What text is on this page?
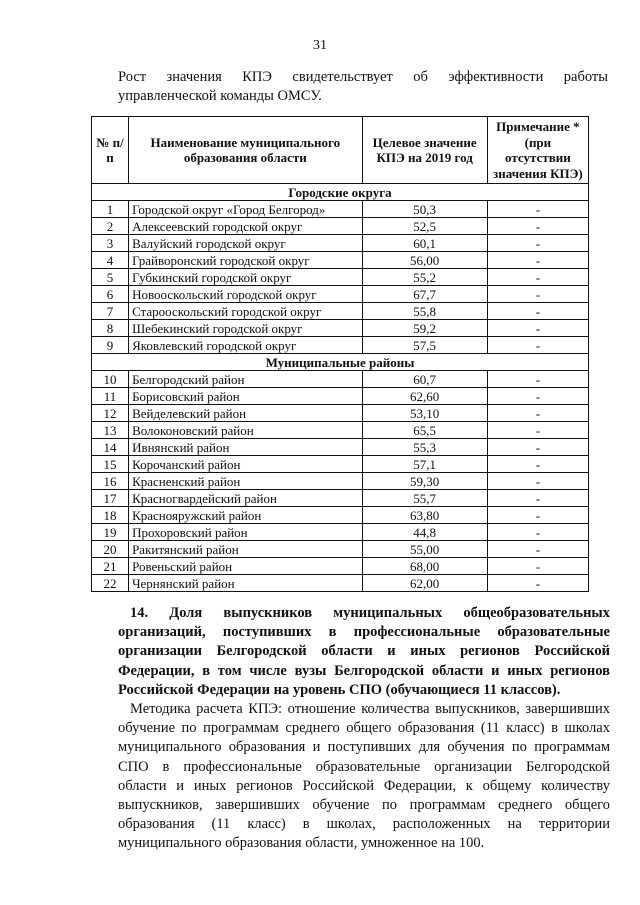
31
Рост значения КПЭ свидетельствует об эффективности работы
управленческой команды ОМСУ.
№ п/п	Наименование муниципального образования области	Целевое значение КПЭ на 2019 год	Примечание * (при отсутствии значения КПЭ)
Городские округа			
1	Городской округ «Город Белгород»	50,3	-
2	Алексеевский городской округ	52,5	-
3	Валуйский городской округ	60,1	-
4	Грайворонский городской округ	56,00	-
5	Губкинский городской округ	55,2	-
6	Новооскольский городской округ	67,7	-
7	Старооскольский городской округ	55,8	-
8	Шебекинский городской округ	59,2	-
9	Яковлевский городской округ	57,5	-
Муниципальные районы			
10	Белгородский район	60,7	-
11	Борисовский район	62,60	-
12	Вейделевский район	53,10	-
13	Волоконовский район	65,5	-
14	Ивнянский район	55,3	-
15	Корочанский район	57,1	-
16	Красненский район	59,30	-
17	Красногвардейский район	55,7	-
18	Краснояружский район	63,80	-
19	Прохоровский район	44,8	-
20	Ракитянский район	55,00	-
21	Ровеньский район	68,00	-
22	Чернянский район	62,00	-
14. Доля выпускников муниципальных общеобразовательных организаций, поступивших в профессиональные образовательные организации Белгородской области и иных регионов Российской Федерации, в том числе вузы Белгородской области и иных регионов Российской Федерации на уровень СПО (обучающиеся 11 классов).
Методика расчета КПЭ: отношение количества выпускников, завершивших обучение по программам среднего общего образования (11 класс) в школах муниципального образования и поступивших для обучения по программам СПО в профессиональные образовательные организации Белгородской области и иных регионов Российской Федерации, к общему количеству выпускников, завершивших обучение по программам среднего общего образования (11 класс) в школах, расположенных на территории муниципального образования области, умноженное на 100.
